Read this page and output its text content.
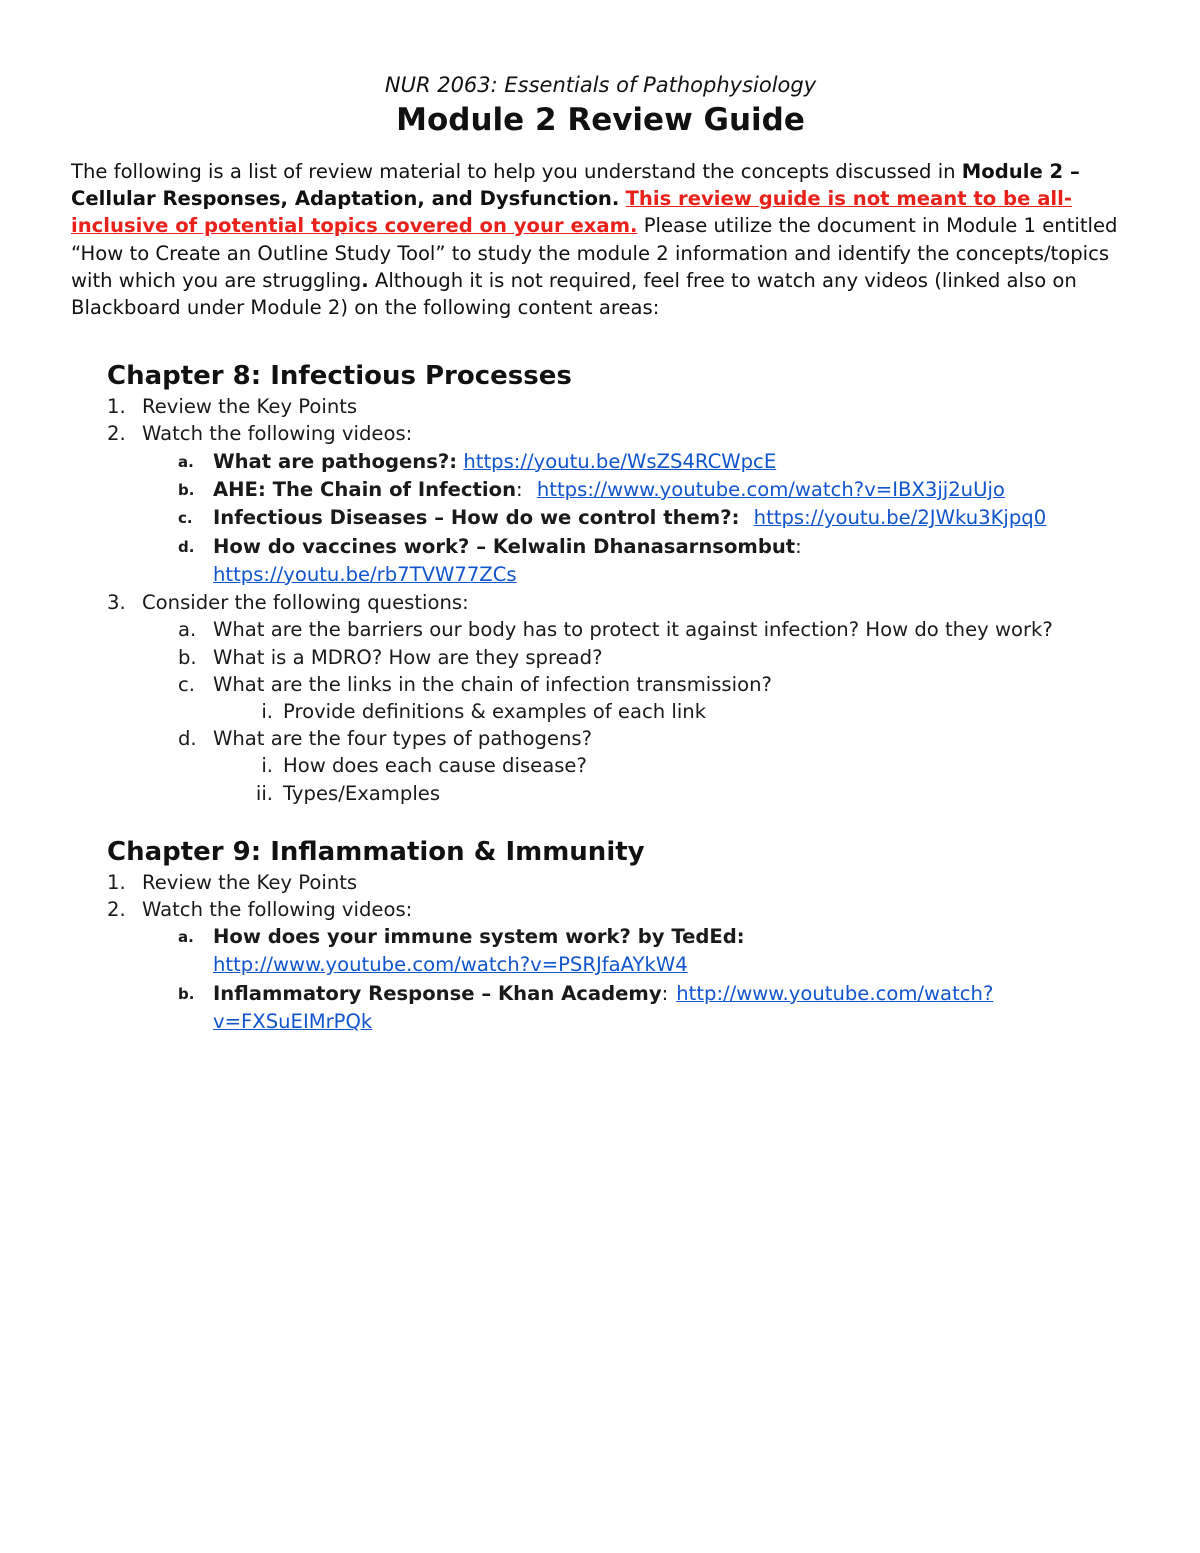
NUR 2063: Essentials of Pathophysiology
Module 2 Review Guide

The following is a list of review material to help you understand the concepts discussed in Module 2 – Cellular Responses, Adaptation, and Dysfunction. This review guide is not meant to be all-inclusive of potential topics covered on your exam. Please utilize the document in Module 1 entitled “How to Create an Outline Study Tool” to study the module 2 information and identify the concepts/topics with which you are struggling. Although it is not required, feel free to watch any videos (linked also on Blackboard under Module 2) on the following content areas:

Chapter 8: Infectious Processes
1. Review the Key Points
2. Watch the following videos:
a. What are pathogens?: https://youtu.be/WsZS4RCWpcE
b. AHE: The Chain of Infection: https://www.youtube.com/watch?v=IBX3jj2uUjo
c. Infectious Diseases – How do we control them?: https://youtu.be/2JWku3Kjpq0
d. How do vaccines work? – Kelwalin Dhanasarnsombut:
https://youtu.be/rb7TVW77ZCs
3. Consider the following questions:
a. What are the barriers our body has to protect it against infection? How do they work?
b. What is a MDRO? How are they spread?
c. What are the links in the chain of infection transmission?
i. Provide definitions & examples of each link
d. What are the four types of pathogens?
i. How does each cause disease?
ii. Types/Examples
Chapter 9: Inflammation & Immunity
1. Review the Key Points
2. Watch the following videos:
a. How does your immune system work? by TedEd:
http://www.youtube.com/watch?v=PSRJfaAYkW4
b. Inflammatory Response – Khan Academy: http://www.youtube.com/watch?v=FXSuEIMrPQk
